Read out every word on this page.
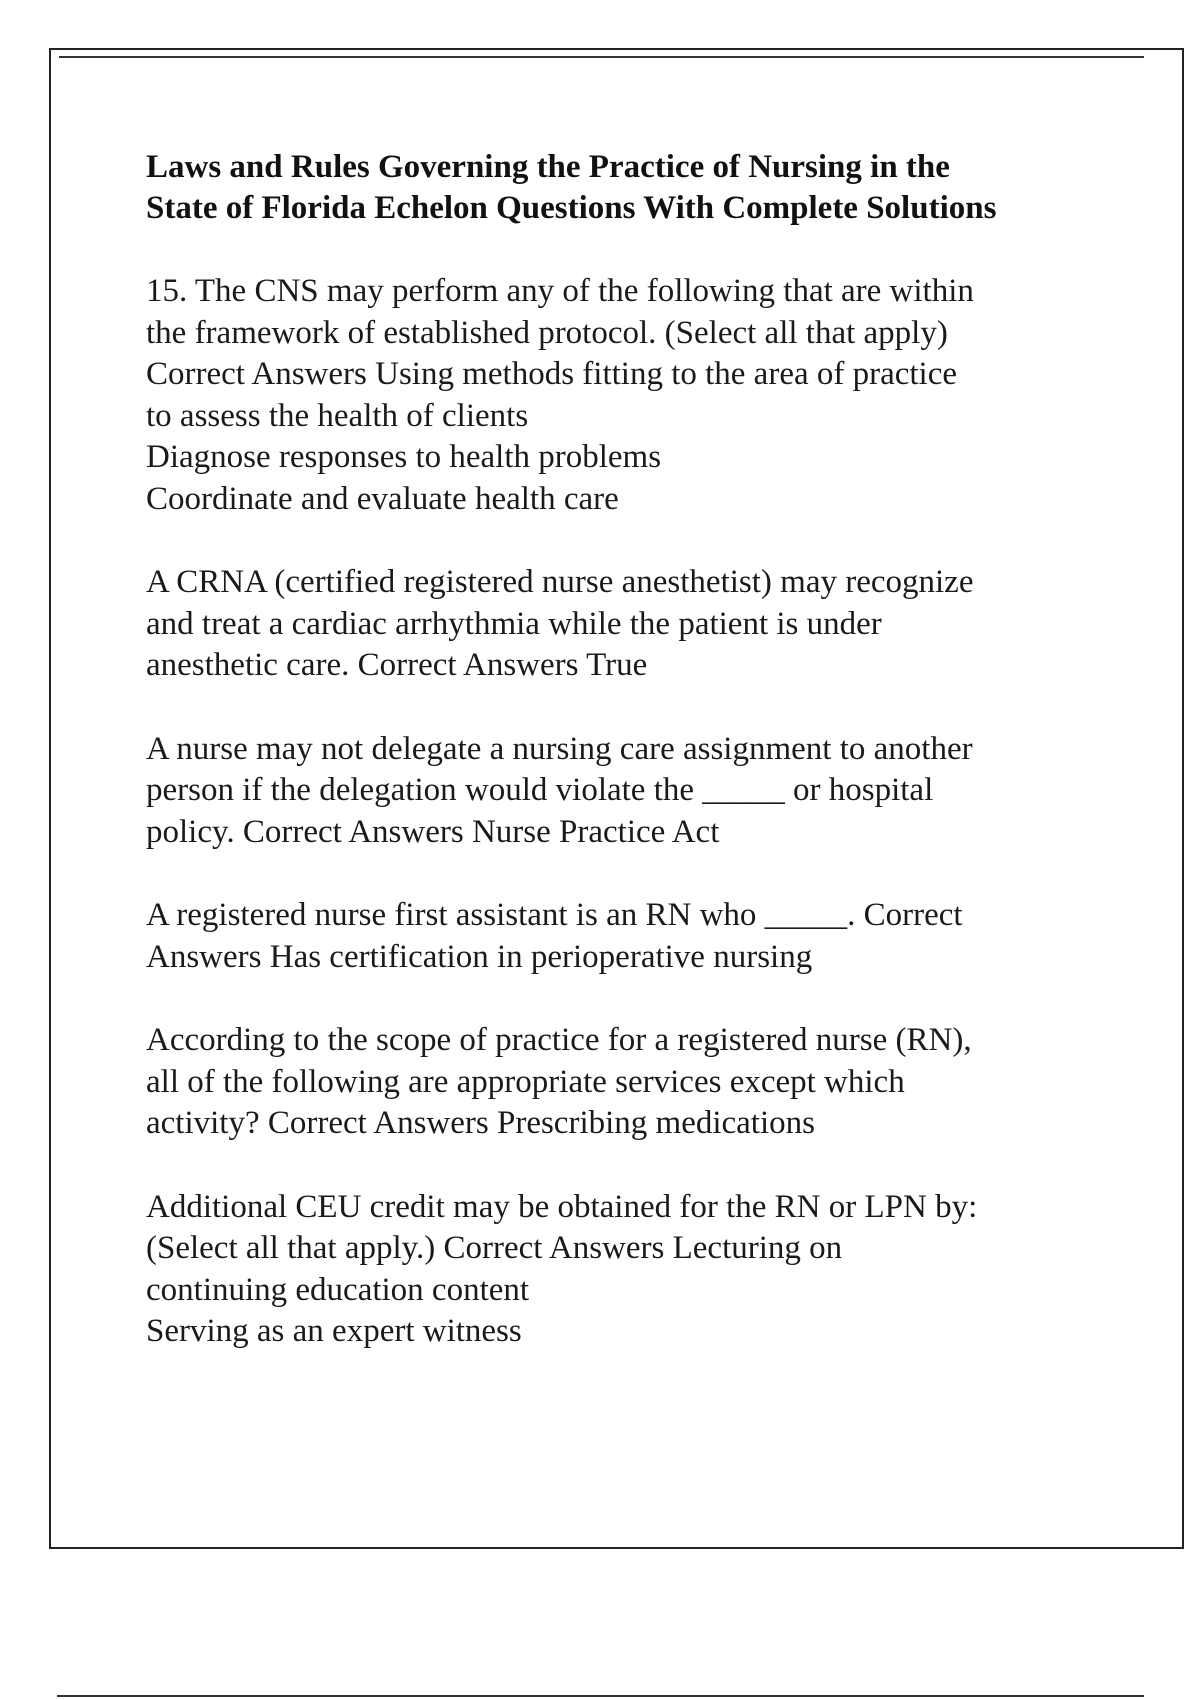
Laws and Rules Governing the Practice of Nursing in the
State of Florida Echelon Questions With Complete Solutions
15. The CNS may perform any of the following that are within
the framework of established protocol. (Select all that apply)
Correct Answers Using methods fitting to the area of practice
to assess the health of clients
Diagnose responses to health problems
Coordinate and evaluate health care
A CRNA (certified registered nurse anesthetist) may recognize
and treat a cardiac arrhythmia while the patient is under
anesthetic care. Correct Answers True
A nurse may not delegate a nursing care assignment to another
person if the delegation would violate the _____ or hospital
policy. Correct Answers Nurse Practice Act
A registered nurse first assistant is an RN who _____. Correct
Answers Has certification in perioperative nursing
According to the scope of practice for a registered nurse (RN),
all of the following are appropriate services except which
activity? Correct Answers Prescribing medications
Additional CEU credit may be obtained for the RN or LPN by:
(Select all that apply.) Correct Answers Lecturing on
continuing education content
Serving as an expert witness
